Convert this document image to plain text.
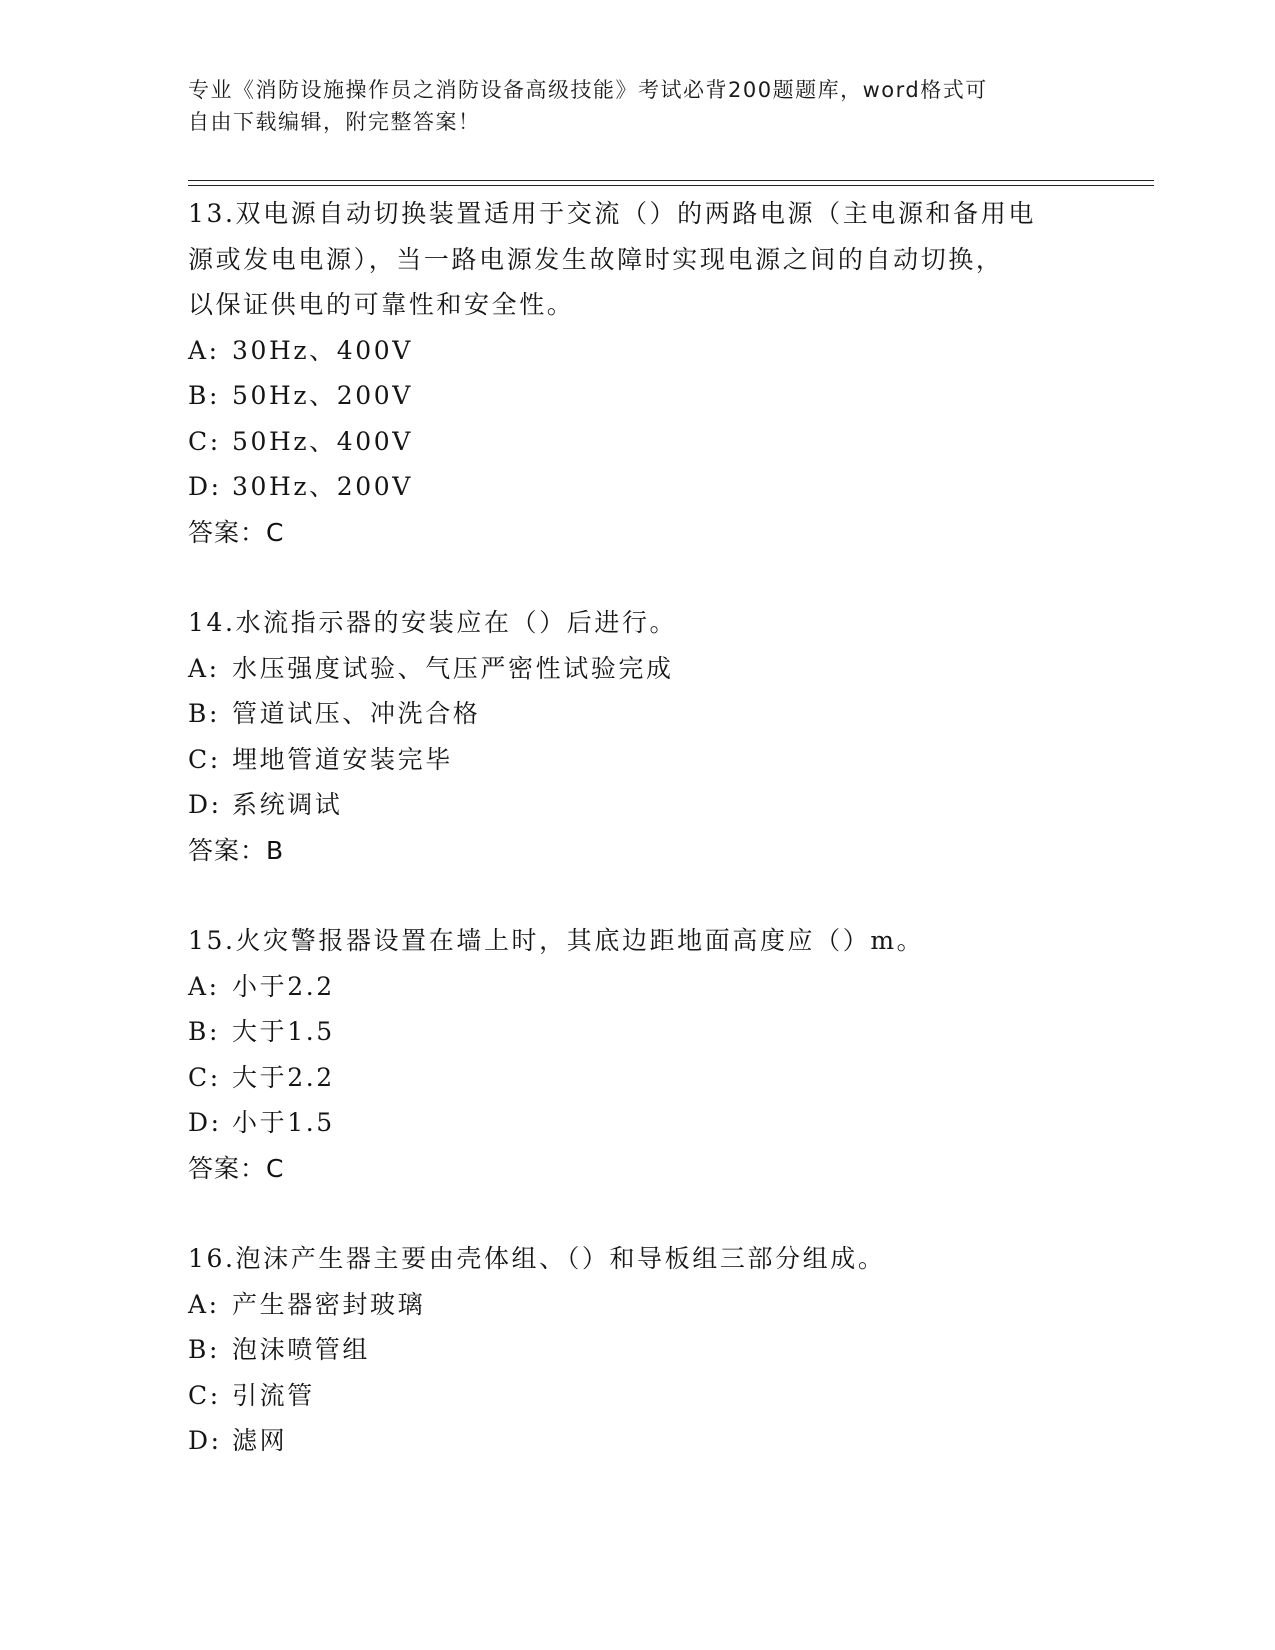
专业《消防设施操作员之消防设备高级技能》考试必背200题题库，word格式可
自由下载编辑，附完整答案！
13.双电源自动切换装置适用于交流（）的两路电源（主电源和备用电
源或发电电源），当一路电源发生故障时实现电源之间的自动切换，
以保证供电的可靠性和安全性。
A: 30Hz、400V
B: 50Hz、200V
C: 50Hz、400V
D: 30Hz、200V
答案：C
14.水流指示器的安装应在（）后进行。
A: 水压强度试验、气压严密性试验完成
B: 管道试压、冲洗合格
C: 埋地管道安装完毕
D: 系统调试
答案：B
15.火灾警报器设置在墙上时，其底边距地面高度应（）m。
A: 小于2.2
B: 大于1.5
C: 大于2.2
D: 小于1.5
答案：C
16.泡沫产生器主要由壳体组、（）和导板组三部分组成。
A: 产生器密封玻璃
B: 泡沫喷管组
C: 引流管
D: 滤网
